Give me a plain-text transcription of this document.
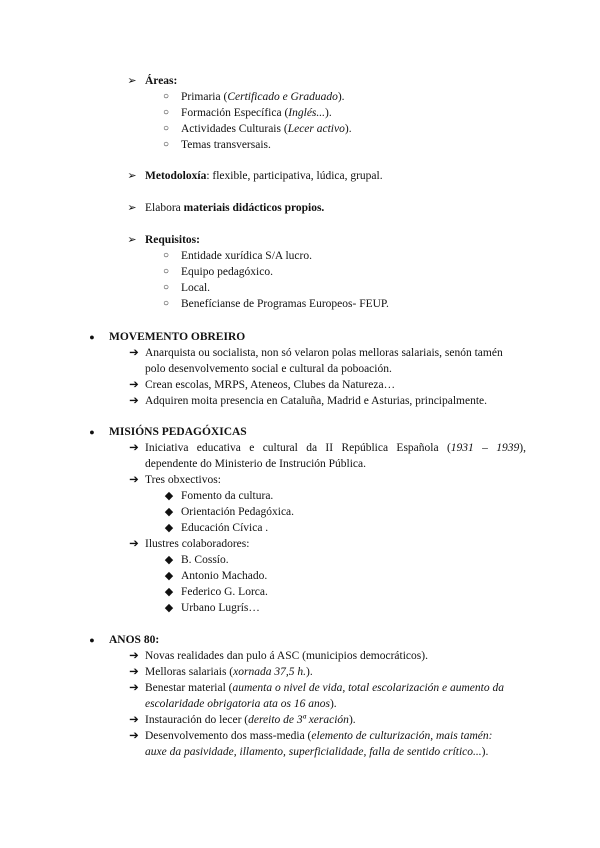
➢ Áreas:
○	Primaria (Certificado e Graduado).
○	Formación Específica (Inglés...).
○	Actividades Culturais (Lecer activo).
○	Temas transversais.
➢ Metodoloxía: flexible, participativa, lúdica, grupal.
➢ Elabora materiais didácticos propios.
➢ Requisitos:
○	Entidade xurídica S/A lucro.
○	Equipo pedagóxico.
○	Local.
○	Benefícianse de Programas Europeos- FEUP.
●	MOVEMENTO OBREIRO
➔ Anarquista ou socialista, non só velaron polas melloras salariais, senón tamén
polo desenvolvemento social e cultural da poboación.
➔ Crean escolas, MRPS, Ateneos, Clubes da Natureza…
➔ Adquiren moita presencia en Cataluña, Madrid e Asturias, principalmente.
●	MISIÓNS PEDAGÓXICAS
➔ Iniciativa educativa e cultural da II República Española (1931 – 1939),
dependente do Ministerio de Instrución Pública.
➔ Tres obxectivos:
◆ Fomento da cultura.
◆ Orientación Pedagóxica.
◆ Educación Cívica .
➔ Ilustres colaboradores:
◆ B. Cossío.
◆ Antonio Machado.
◆ Federico G. Lorca.
◆ Urbano Lugrís…
●	ANOS 80:
➔ Novas realidades dan pulo á ASC (municipios democráticos).
➔ Melloras salariais (xornada 37,5 h.).
➔ Benestar material (aumenta o nivel de vida, total escolarización e aumento da
escolaridade obrigatoria ata os 16 anos).
➔ Instauración do lecer (dereito de 3ª xeración).
➔ Desenvolvemento dos mass-media (elemento de culturización, mais tamén:
auxe da pasividade, illamento, superficialidade, falla de sentido crítico...).
